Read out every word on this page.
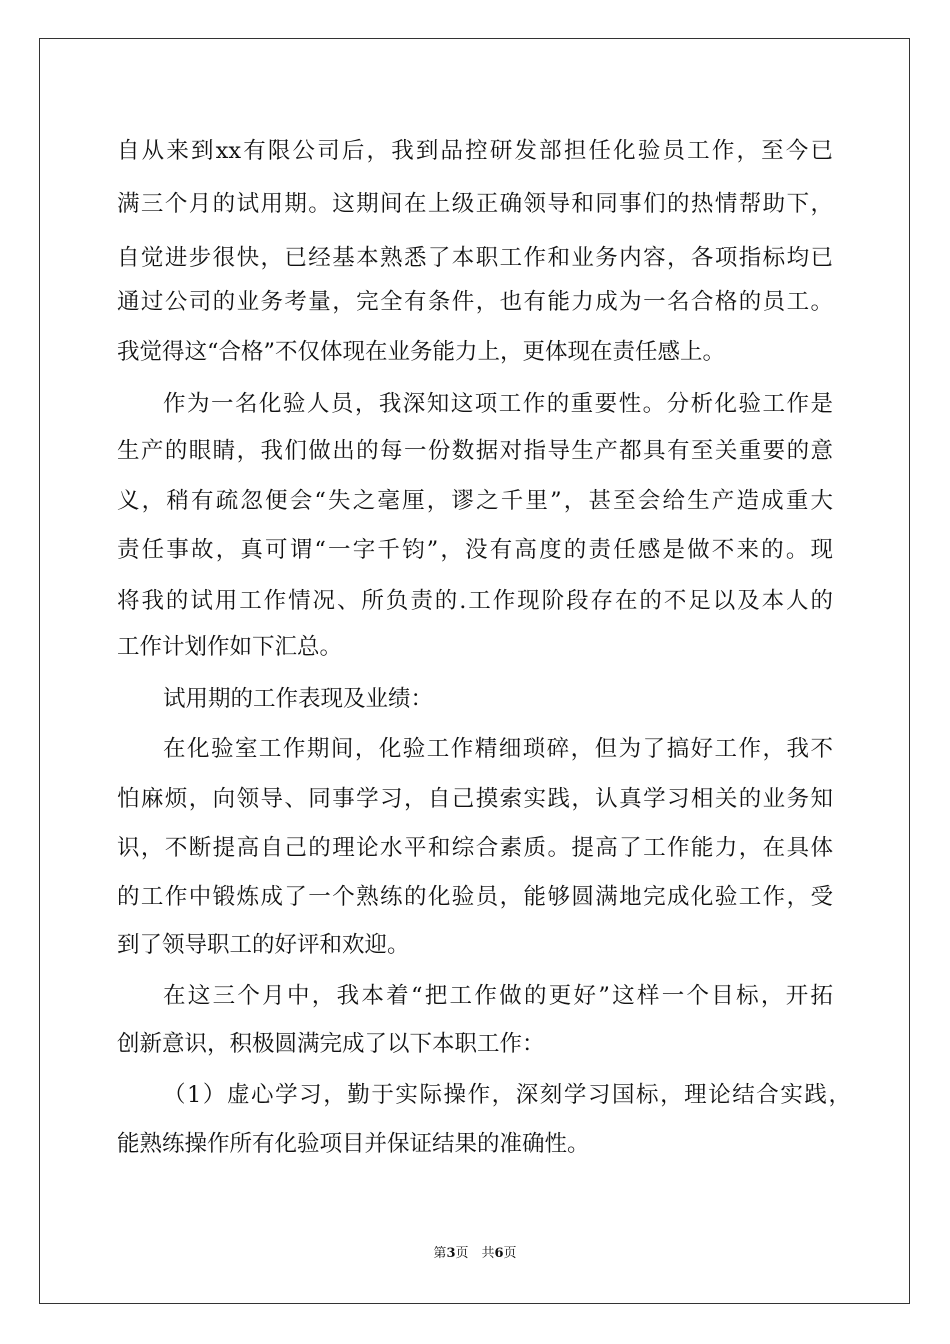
自从来到xx有限公司后，我到品控研发部担任化验员工作，至今已
满三个月的试用期。这期间在上级正确领导和同事们的热情帮助下，
自觉进步很快，已经基本熟悉了本职工作和业务内容，各项指标均已
通过公司的业务考量，完全有条件，也有能力成为一名合格的员工。
我觉得这“合格”不仅体现在业务能力上，更体现在责任感上。
作为一名化验人员，我深知这项工作的重要性。分析化验工作是
生产的眼睛，我们做出的每一份数据对指导生产都具有至关重要的意
义，稍有疏忽便会“失之毫厘，谬之千里”，甚至会给生产造成重大
责任事故，真可谓“一字千钧”，没有高度的责任感是做不来的。现
将我的试用工作情况、所负责的.工作现阶段存在的不足以及本人的
工作计划作如下汇总。
试用期的工作表现及业绩：
在化验室工作期间，化验工作精细琐碎，但为了搞好工作，我不
怕麻烦，向领导、同事学习，自己摸索实践，认真学习相关的业务知
识，不断提高自己的理论水平和综合素质。提高了工作能力，在具体
的工作中锻炼成了一个熟练的化验员，能够圆满地完成化验工作，受
到了领导职工的好评和欢迎。
在这三个月中，我本着“把工作做的更好”这样一个目标，开拓
创新意识，积极圆满完成了以下本职工作：
（1）虚心学习，勤于实际操作，深刻学习国标，理论结合实践，
能熟练操作所有化验项目并保证结果的准确性。
第3页　共6页
